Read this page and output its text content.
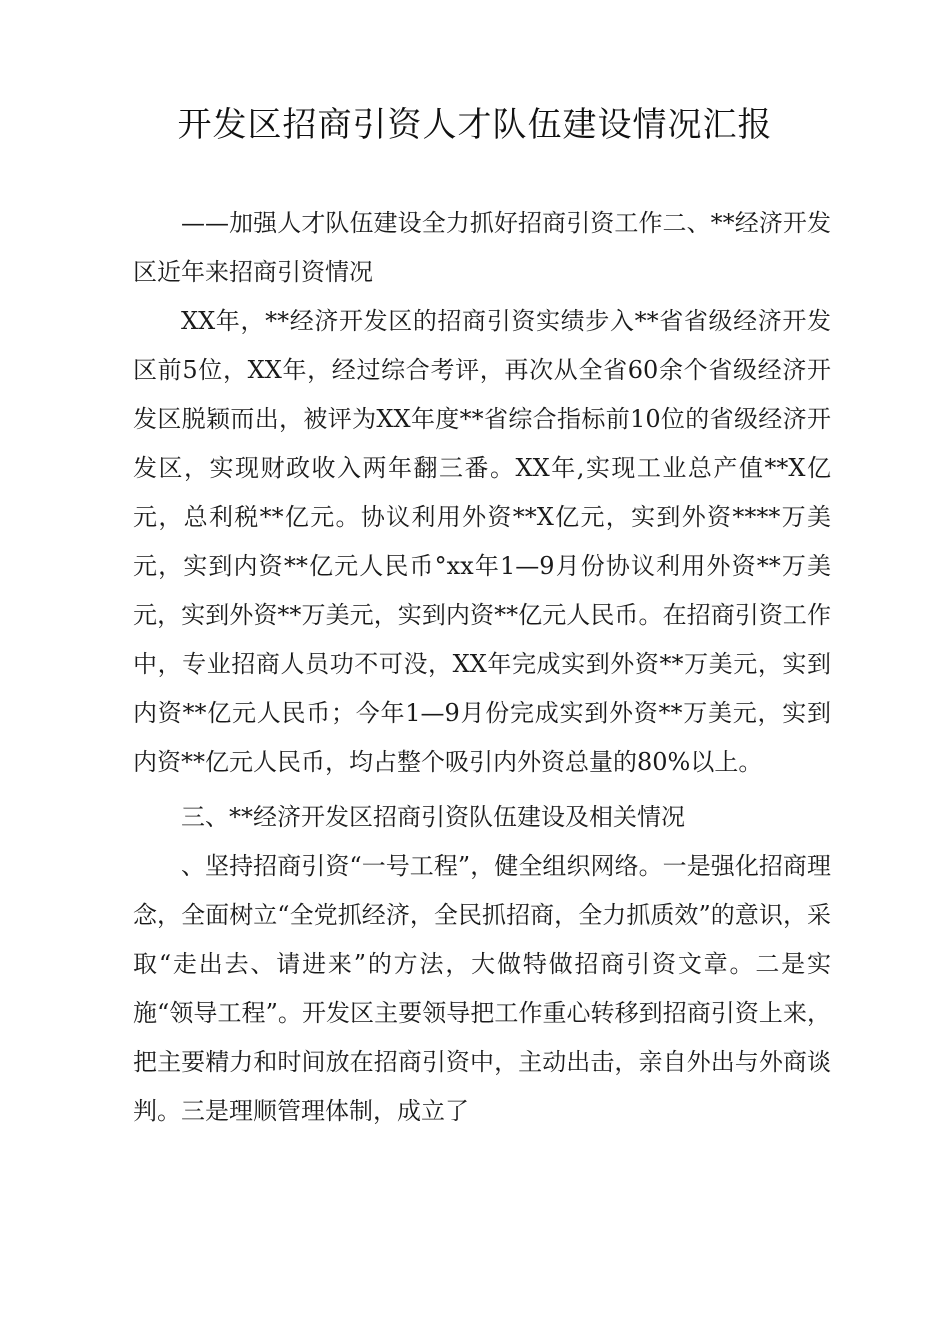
开发区招商引资人才队伍建设情况汇报

——加强人才队伍建设全力抓好招商引资工作二、**经济开发区近年来招商引资情况

XX年，**经济开发区的招商引资实绩步入**省省级经济开发区前5位，XX年，经过综合考评，再次从全省60余个省级经济开发区脱颖而出，被评为XX年度**省综合指标前10位的省级经济开发区，实现财政收入两年翻三番。XX年,实现工业总产值**X亿元，总利税**亿元。协议利用外资**X亿元，实到外资****万美元，实到内资**亿元人民币°xx年1—9月份协议利用外资**万美元，实到外资**万美元，实到内资**亿元人民币。在招商引资工作中，专业招商人员功不可没，XX年完成实到外资**万美元，实到内资**亿元人民币；今年1—9月份完成实到外资**万美元，实到内资**亿元人民币，均占整个吸引内外资总量的80%以上。

三、**经济开发区招商引资队伍建设及相关情况

、坚持招商引资“一号工程”，健全组织网络。一是强化招商理念，全面树立“全党抓经济，全民抓招商，全力抓质效”的意识，采取“走出去、请进来”的方法，大做特做招商引资文章。二是实施“领导工程”。开发区主要领导把工作重心转移到招商引资上来，把主要精力和时间放在招商引资中，主动出击，亲自外出与外商谈判。三是理顺管理体制，成立了
